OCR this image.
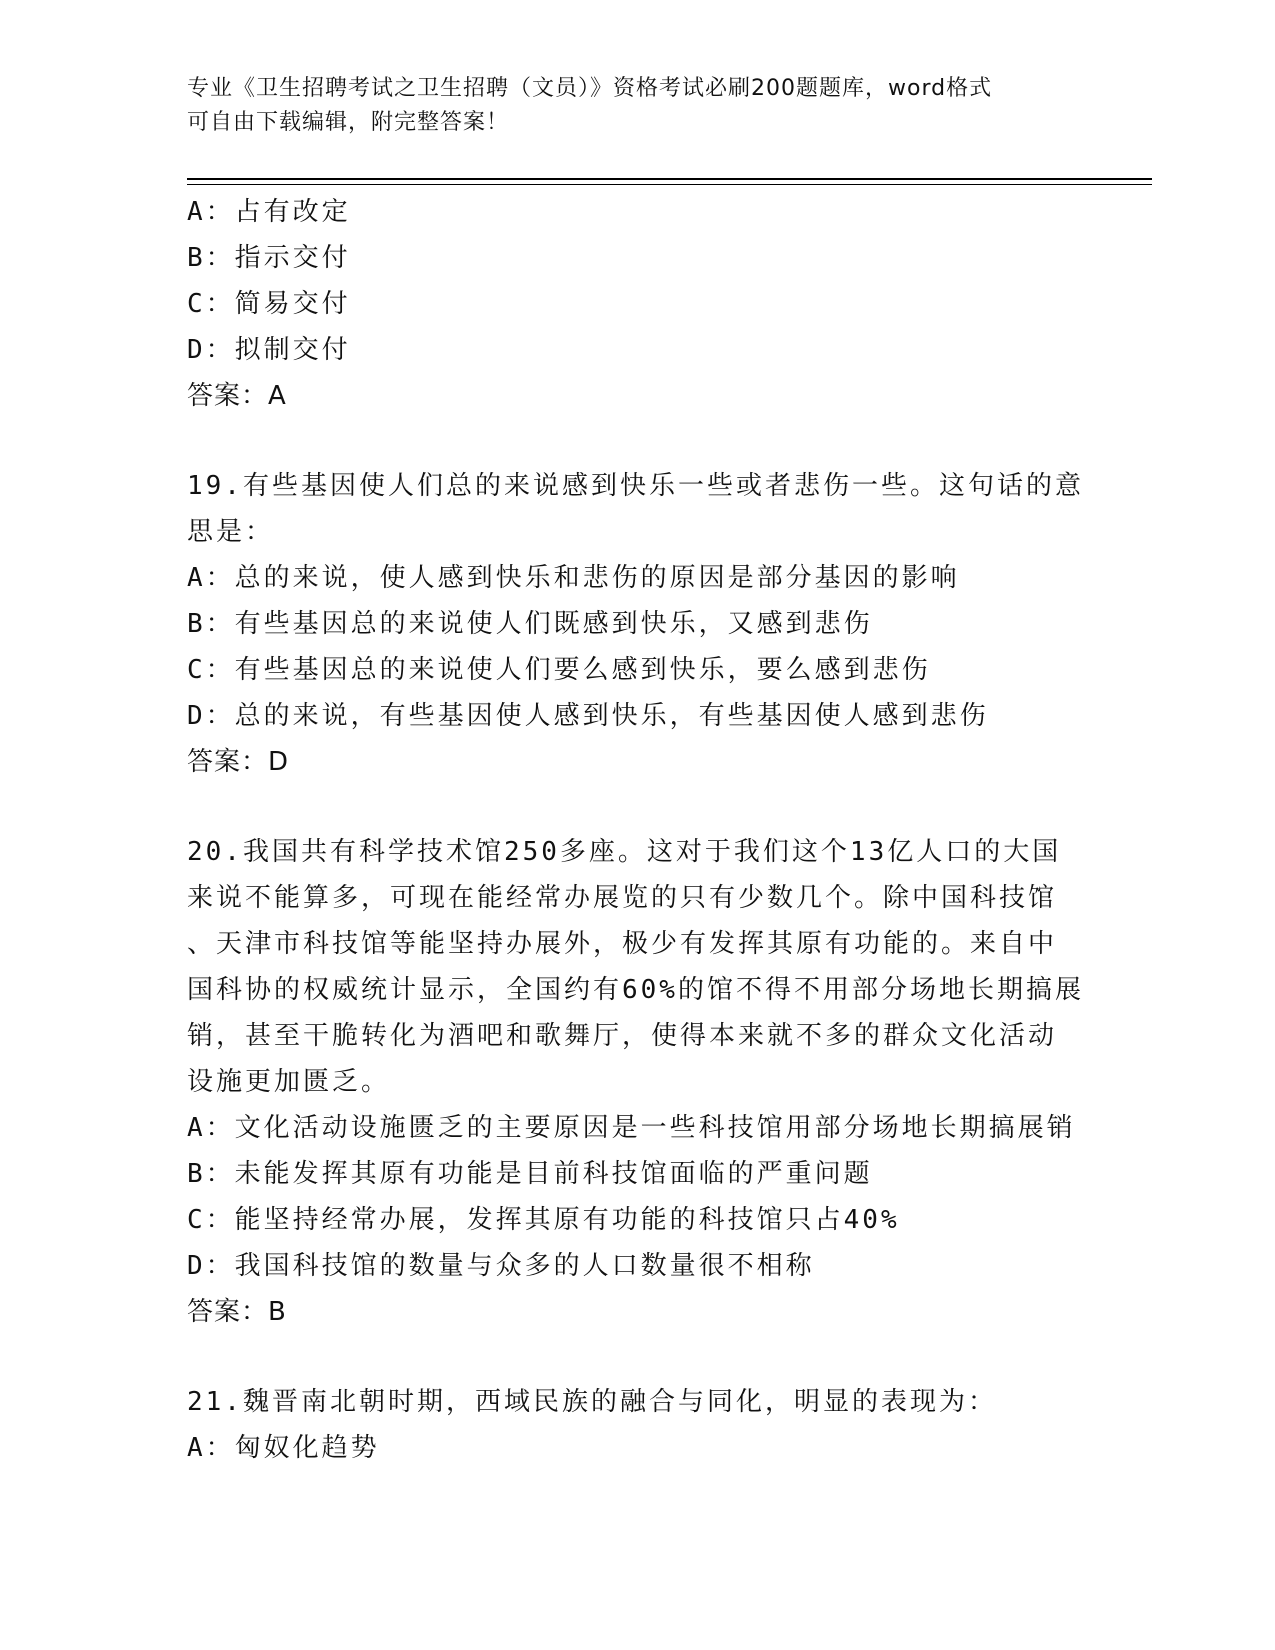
专业《卫生招聘考试之卫生招聘（文员）》资格考试必刷200题题库，word格式
可自由下载编辑，附完整答案！
A：占有改定
B：指示交付
C：简易交付
D：拟制交付
答案：A
19.有些基因使人们总的来说感到快乐一些或者悲伤一些。这句话的意
思是：
A：总的来说，使人感到快乐和悲伤的原因是部分基因的影响
B：有些基因总的来说使人们既感到快乐，又感到悲伤
C：有些基因总的来说使人们要么感到快乐，要么感到悲伤
D：总的来说，有些基因使人感到快乐，有些基因使人感到悲伤
答案：D
20.我国共有科学技术馆250多座。这对于我们这个13亿人口的大国
来说不能算多，可现在能经常办展览的只有少数几个。除中国科技馆
、天津市科技馆等能坚持办展外，极少有发挥其原有功能的。来自中
国科协的权威统计显示，全国约有60%的馆不得不用部分场地长期搞展
销，甚至干脆转化为酒吧和歌舞厅，使得本来就不多的群众文化活动
设施更加匮乏。
A：文化活动设施匮乏的主要原因是一些科技馆用部分场地长期搞展销
B：未能发挥其原有功能是目前科技馆面临的严重问题
C：能坚持经常办展，发挥其原有功能的科技馆只占40%
D：我国科技馆的数量与众多的人口数量很不相称
答案：B
21.魏晋南北朝时期，西域民族的融合与同化，明显的表现为：
A：匈奴化趋势
